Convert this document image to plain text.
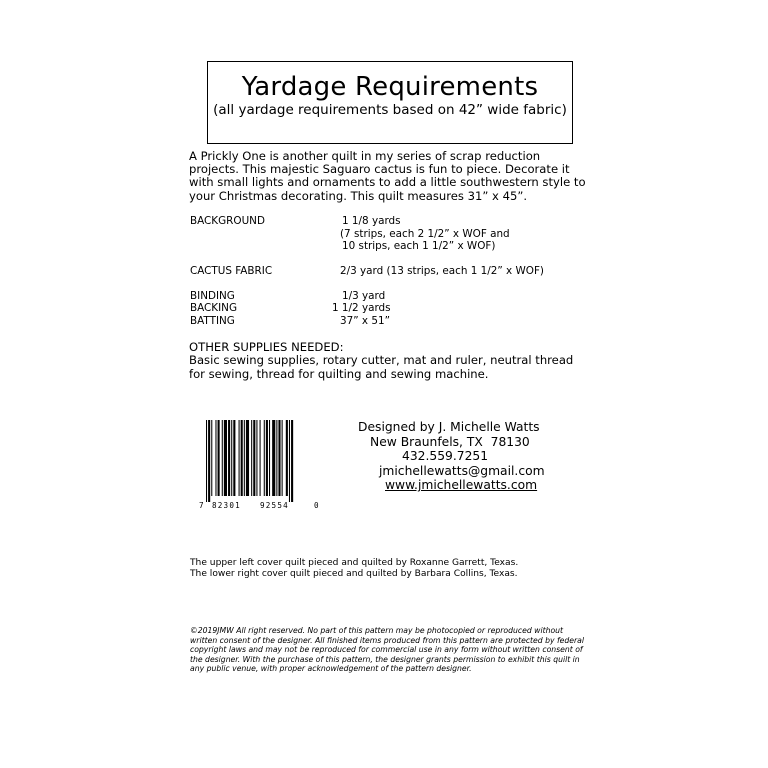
Yardage Requirements
(all yardage requirements based on 42” wide fabric)
A Prickly One is another quilt in my series of scrap reduction projects. This majestic Saguaro cactus is fun to piece. Decorate it with small lights and ornaments to add a little southwestern style to your Christmas decorating. This quilt measures 31” x 45”.
BACKGROUND	1 1/8 yards
(7 strips, each 2 1/2” x WOF and
10 strips, each 1 1/2” x WOF)
CACTUS FABRIC	2/3 yard (13 strips, each 1 1/2” x WOF)
BINDING	1/3 yard
BACKING	1 1/2 yards
BATTING	37” x 51”
OTHER SUPPLIES NEEDED:
Basic sewing supplies, rotary cutter, mat and ruler, neutral thread for sewing, thread for quilting and sewing machine.
7 82301	92554	0
Designed by J. Michelle Watts
New Braunfels, TX  78130
432.559.7251
jmichellewatts@gmail.com
www.jmichellewatts.com
The upper left cover quilt pieced and quilted by Roxanne Garrett, Texas.
The lower right cover quilt pieced and quilted by Barbara Collins, Texas.
©2019JMW All right reserved. No part of this pattern may be photocopied or reproduced without written consent of the designer. All finished items produced from this pattern are protected by federal copyright laws and may not be reproduced for commercial use in any form without written consent of the designer. With the purchase of this pattern, the designer grants permission to exhibit this quilt in any public venue, with proper acknowledgement of the pattern designer.
